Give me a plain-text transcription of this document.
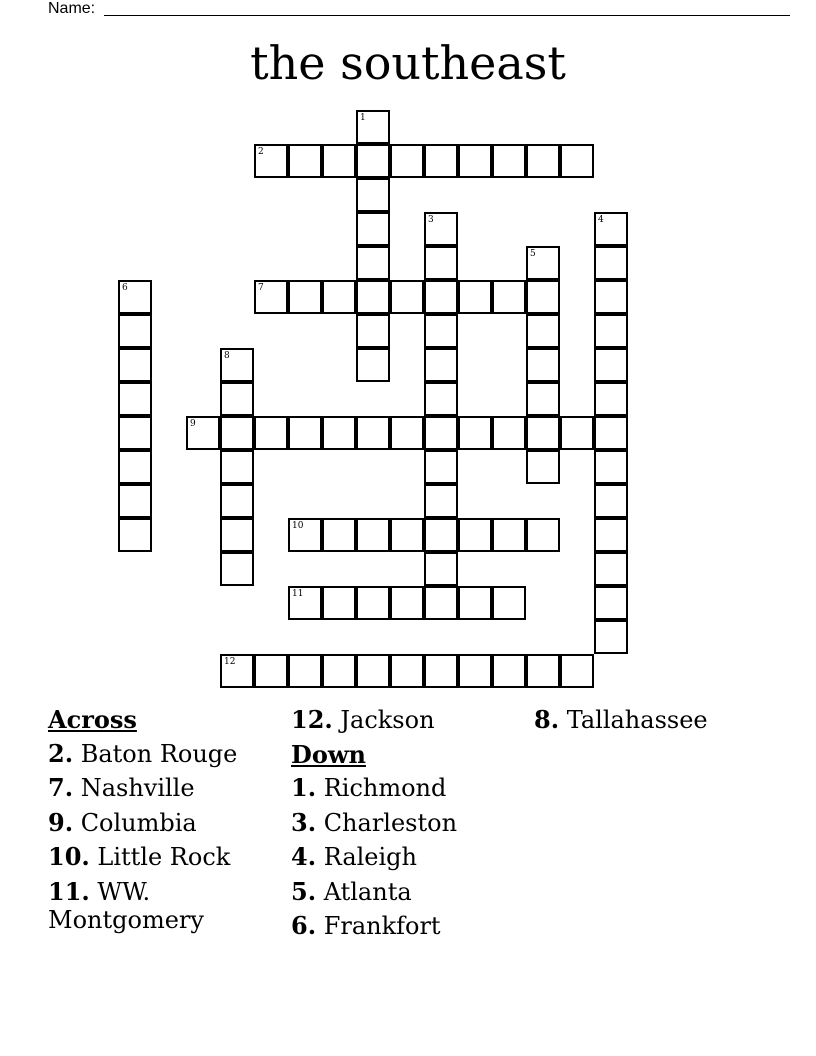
Name:
the southeast
1
2
3	4
5
6	7
8
9
10
11
12
Across
2. Baton Rouge
7. Nashville
9. Columbia
10. Little Rock
11. WW. Montgomery
12. Jackson
Down
1. Richmond
3. Charleston
4. Raleigh
5. Atlanta
6. Frankfort
8. Tallahassee
